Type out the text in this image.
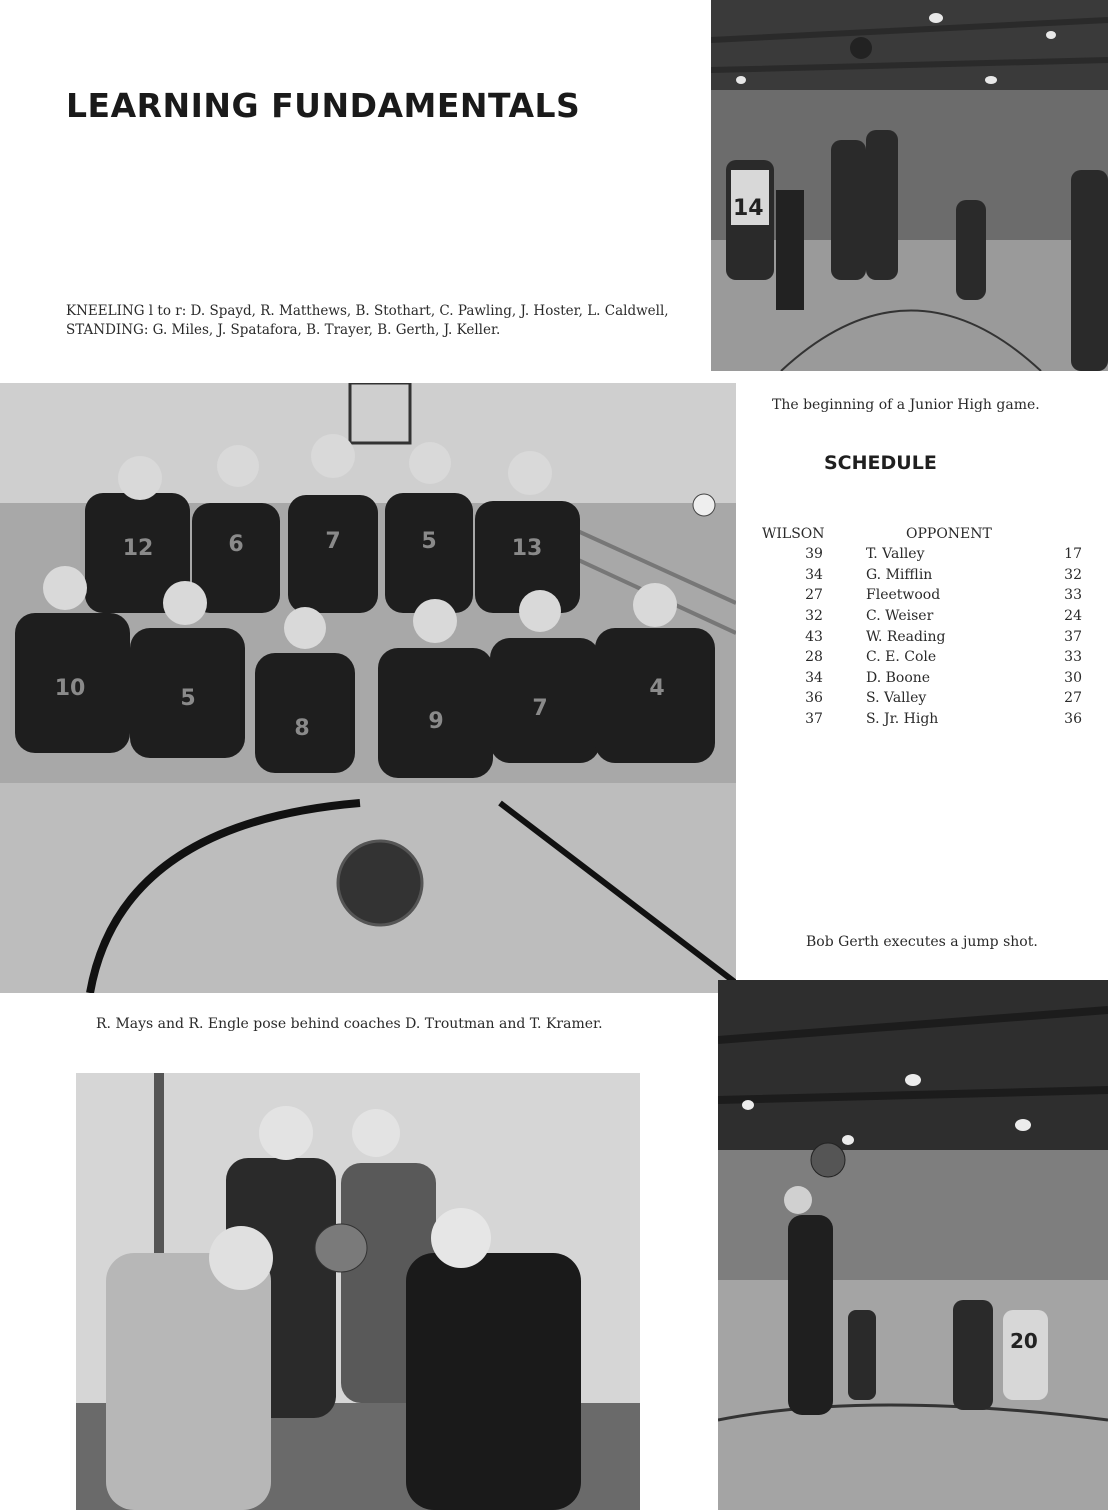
LEARNING FUNDAMENTALS

KNEELING l to r: D. Spayd, R. Matthews, B. Stothart, C. Pawling, J. Hoster, L. Caldwell, STANDING: G. Miles, J. Spatafora, B. Trayer, B. Gerth, J. Keller.

14
12	6	7	5	13
10	5
8	9
7
4

The beginning of a Junior High game.

SCHEDULE
WILSON	OPPONENT	
39	T. Valley	17
34	G. Mifflin	32
27	Fleetwood	33
32	C. Weiser	24
43	W. Reading	37
28	C. E. Cole	33
34	D. Boone	30
36	S. Valley	27
37	S. Jr. High	36

Bob Gerth executes a jump shot.

R. Mays and R. Engle pose behind coaches D. Troutman and T. Kramer.

20
